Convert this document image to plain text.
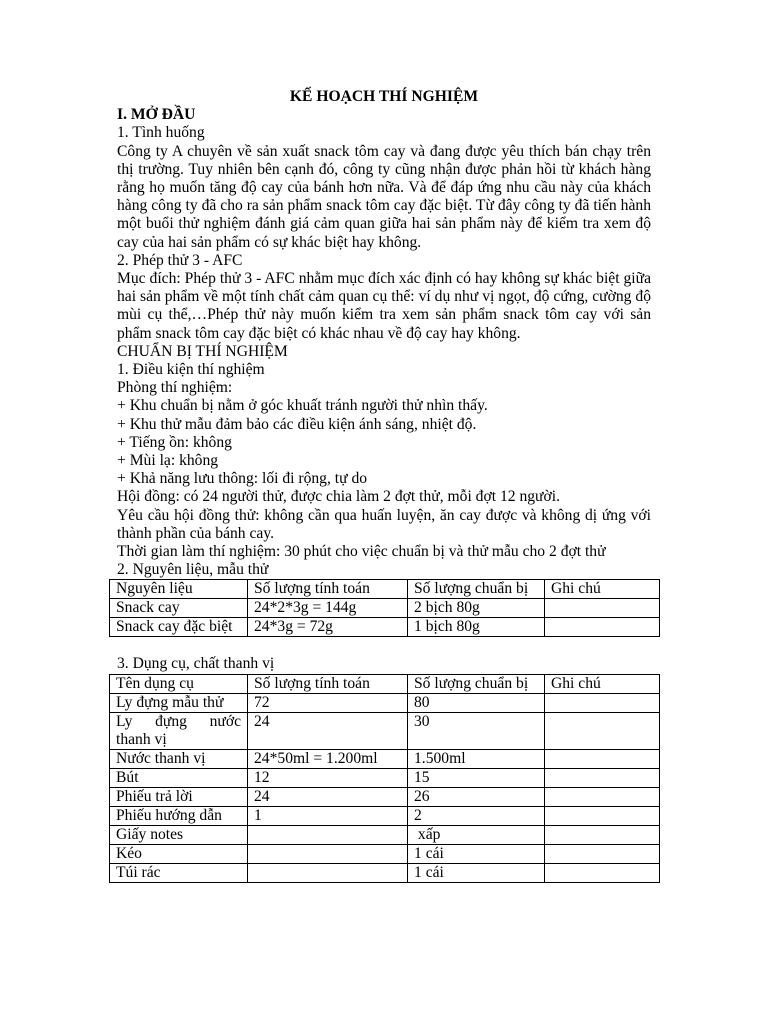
KẾ HOẠCH THÍ NGHIỆM

I. MỞ ĐẦU

1. Tình huống

Công ty A chuyên về sản xuất snack tôm cay và đang được yêu thích bán chạy trên thị trường. Tuy nhiên bên cạnh đó, công ty cũng nhận được phản hồi từ khách hàng rằng họ muốn tăng độ cay của bánh hơn nữa. Và để đáp ứng nhu cầu này của khách hàng công ty đã cho ra sản phẩm snack tôm cay đặc biệt. Từ đây công ty đã tiến hành một buổi thử nghiệm đánh giá cảm quan giữa hai sản phẩm này để kiểm tra xem độ cay của hai sản phẩm có sự khác biệt hay không.

2. Phép thử 3 - AFC

Mục đích: Phép thử 3 - AFC nhằm mục đích xác định có hay không sự khác biệt giữa hai sản phẩm về một tính chất cảm quan cụ thể: ví dụ như vị ngọt, độ cứng, cường độ mùi cụ thể,…Phép thử này muốn kiểm tra xem sản phẩm snack tôm cay với sản phẩm snack tôm cay đặc biệt có khác nhau về độ cay hay không.

CHUẨN BỊ THÍ NGHIỆM

1. Điều kiện thí nghiệm

Phòng thí nghiệm:

+ Khu chuẩn bị nằm ở góc khuất tránh người thử nhìn thấy.

+ Khu thử mẫu đảm bảo các điều kiện ánh sáng, nhiệt độ.

+ Tiếng ồn: không

+ Mùi lạ: không

+ Khả năng lưu thông: lối đi rộng, tự do

Hội đồng: có 24 người thử, được chia làm 2 đợt thử, mỗi đợt 12 người.

Yêu cầu hội đồng thử: không cần qua huấn luyện, ăn cay được và không dị ứng với thành phần của bánh cay.

Thời gian làm thí nghiệm: 30 phút cho việc chuẩn bị và thử mẫu cho 2 đợt thử

2. Nguyên liệu, mẫu thử

Nguyên liệu	Số lượng tính toán	Số lượng chuẩn bị	Ghi chú
Snack cay	24*2*3g = 144g	2 bịch 80g	
Snack cay đặc biệt	24*3g = 72g	1 bịch 80g	

3. Dụng cụ, chất thanh vị

Tên dụng cụ	Số lượng tính toán	Số lượng chuẩn bị	Ghi chú
Ly đựng mẫu thử	72	80	
Ly đựng nước thanh vị	24	30	
Nước thanh vị	24*50ml = 1.200ml	1.500ml	
Bút	12	15	
Phiếu trả lời	24	26	
Phiếu hướng dẫn	1	2	
Giấy notes		xấp	
Kéo		1 cái	
Túi rác		1 cái	
